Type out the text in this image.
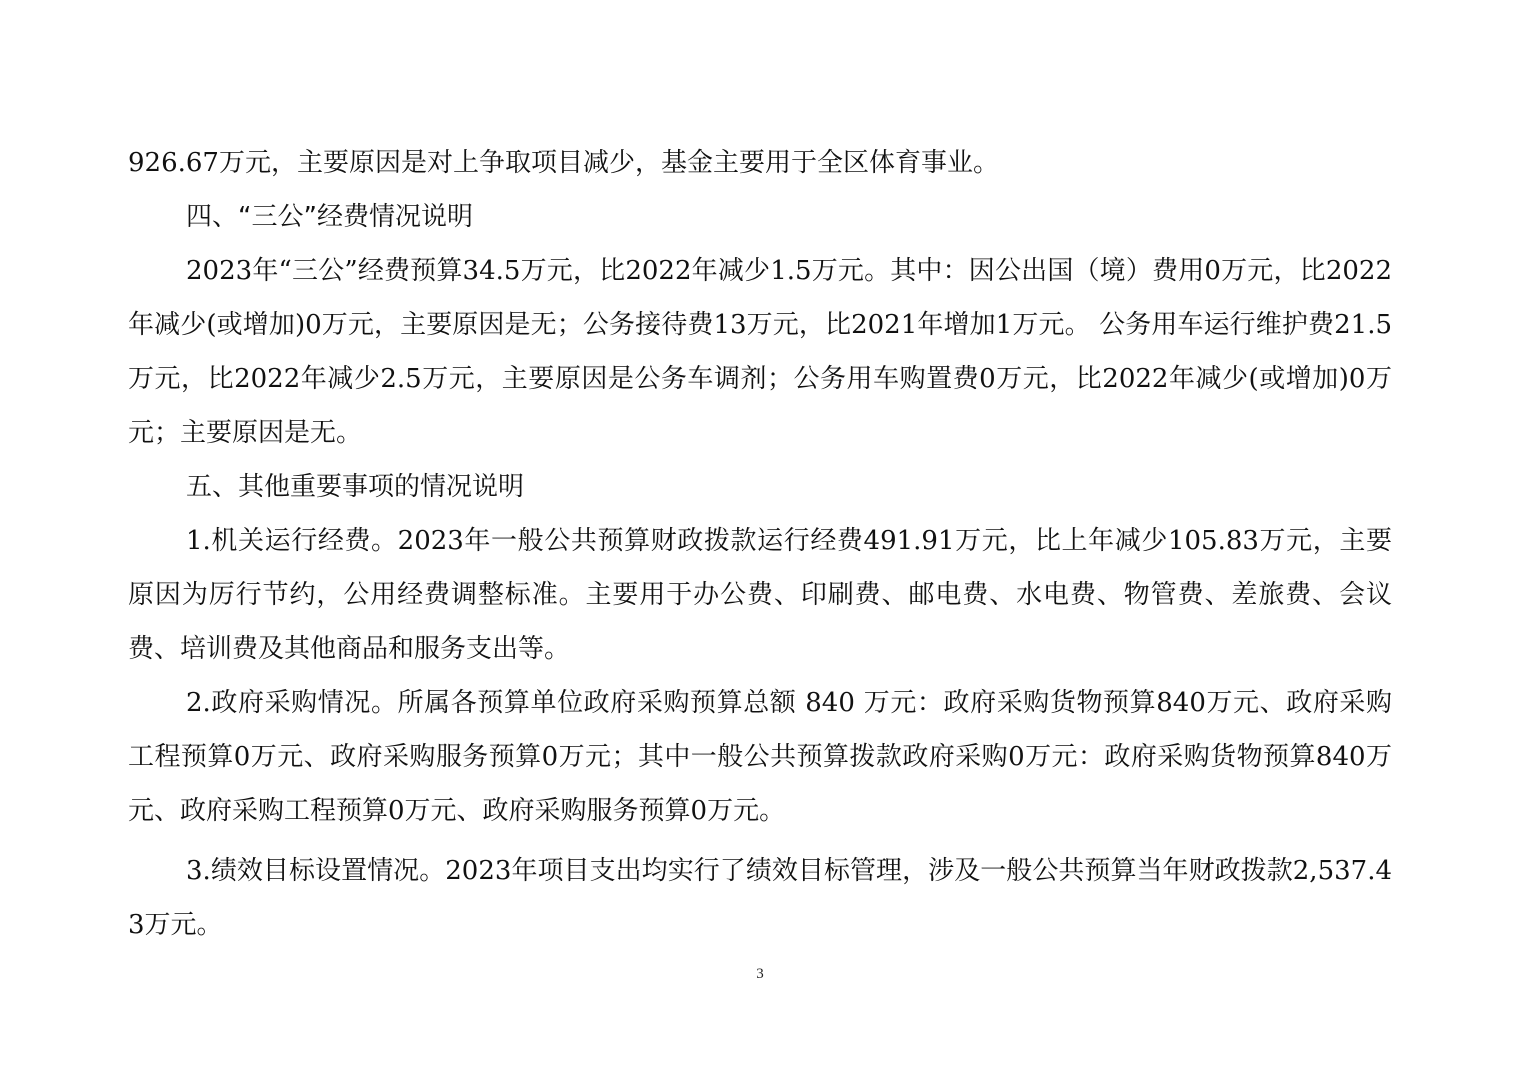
926.67万元，主要原因是对上争取项目减少，基金主要用于全区体育事业。

四、“三公”经费情况说明

2023年“三公”经费预算34.5万元，比2022年减少1.5万元。其中：因公出国（境）费用0万元，比2022年减少(或增加)0万元，主要原因是无；公务接待费13万元，比2021年增加1万元。 公务用车运行维护费21.5万元，比2022年减少2.5万元，主要原因是公务车调剂；公务用车购置费0万元，比2022年减少(或增加)0万元；主要原因是无。

五、其他重要事项的情况说明

1.机关运行经费。2023年一般公共预算财政拨款运行经费491.91万元，比上年减少105.83万元，主要原因为厉行节约，公用经费调整标准。主要用于办公费、印刷费、邮电费、水电费、物管费、差旅费、会议费、培训费及其他商品和服务支出等。

2.政府采购情况。所属各预算单位政府采购预算总额 840 万元：政府采购货物预算840万元、政府采购工程预算0万元、政府采购服务预算0万元；其中一般公共预算拨款政府采购0万元：政府采购货物预算840万元、政府采购工程预算0万元、政府采购服务预算0万元。

3.绩效目标设置情况。2023年项目支出均实行了绩效目标管理，涉及一般公共预算当年财政拨款2,537.43万元。

3
